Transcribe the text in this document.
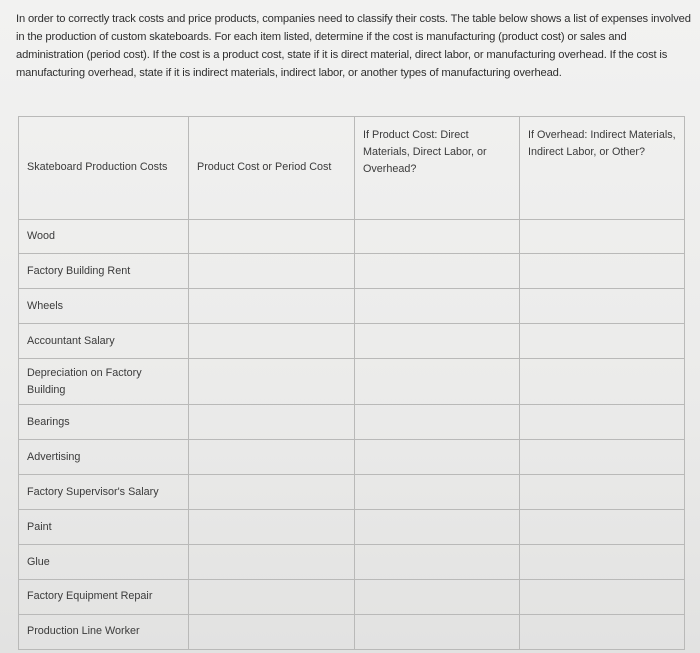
In order to correctly track costs and price products, companies need to classify their costs. The table below shows a list of expenses involved in the production of custom skateboards. For each item listed, determine if the cost is manufacturing (product cost) or sales and administration (period cost). If the cost is a product cost, state if it is direct material, direct labor, or manufacturing overhead. If the cost is manufacturing overhead, state if it is indirect materials, indirect labor, or another types of manufacturing overhead.
Skateboard Production Costs	Product Cost or Period Cost	If Product Cost: Direct Materials, Direct Labor, or Overhead?	If Overhead: Indirect Materials, Indirect Labor, or Other?
Wood			
Factory Building Rent			
Wheels			
Accountant Salary			
Depreciation on Factory Building			
Bearings			
Advertising			
Factory Supervisor's Salary			
Paint			
Glue			
Factory Equipment Repair			
Production Line Worker			
